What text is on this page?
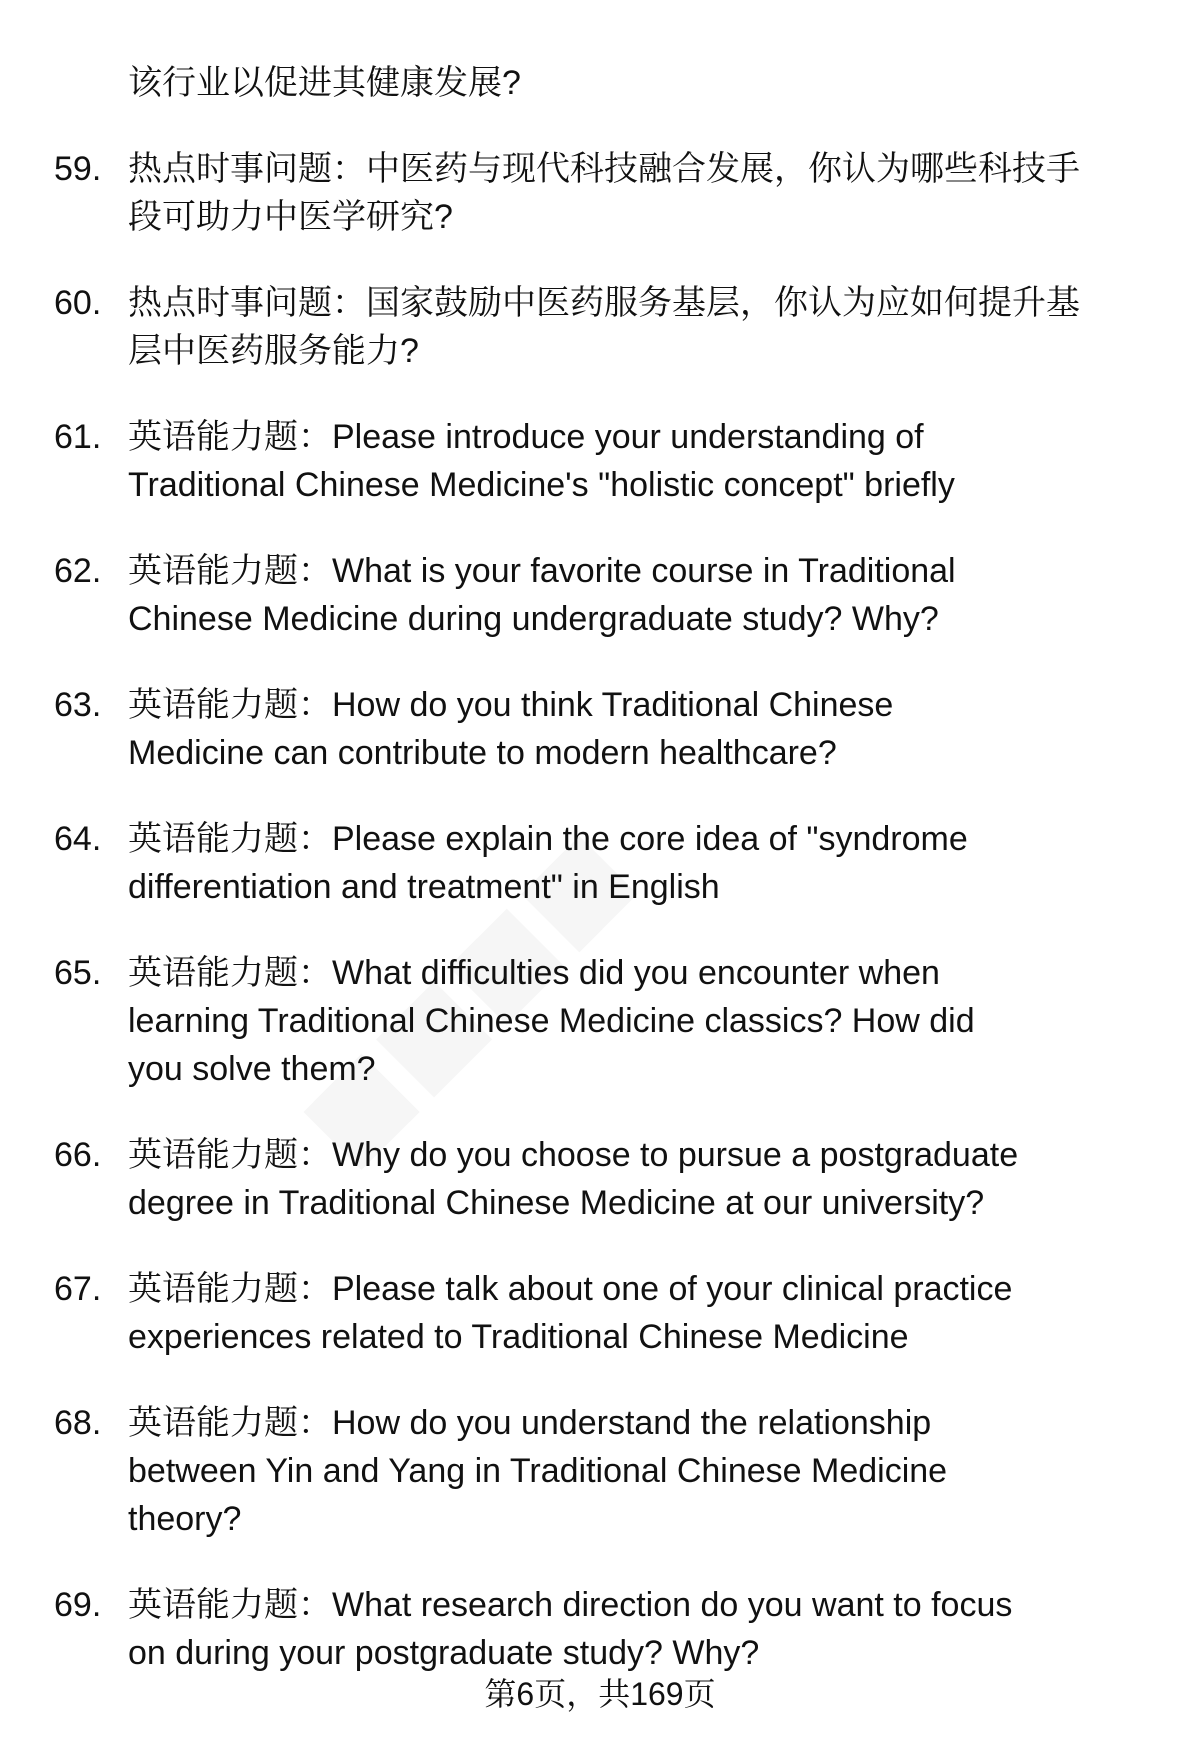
该行业以促进其健康发展?
59. 热点时事问题：中医药与现代科技融合发展，你认为哪些科技手
段可助力中医学研究?
60. 热点时事问题：国家鼓励中医药服务基层，你认为应如何提升基
层中医药服务能力?
61. 英语能力题：Please introduce your understanding of
Traditional Chinese Medicine's "holistic concept" briefly
62. 英语能力题：What is your favorite course in Traditional
Chinese Medicine during undergraduate study? Why?
63. 英语能力题：How do you think Traditional Chinese
Medicine can contribute to modern healthcare?
64. 英语能力题：Please explain the core idea of "syndrome
differentiation and treatment" in English
65. 英语能力题：What difficulties did you encounter when
learning Traditional Chinese Medicine classics? How did
you solve them?
66. 英语能力题：Why do you choose to pursue a postgraduate
degree in Traditional Chinese Medicine at our university?
67. 英语能力题：Please talk about one of your clinical practice
experiences related to Traditional Chinese Medicine
68. 英语能力题：How do you understand the relationship
between Yin and Yang in Traditional Chinese Medicine
theory?
69. 英语能力题：What research direction do you want to focus
on during your postgraduate study? Why?
第6页，共169页
